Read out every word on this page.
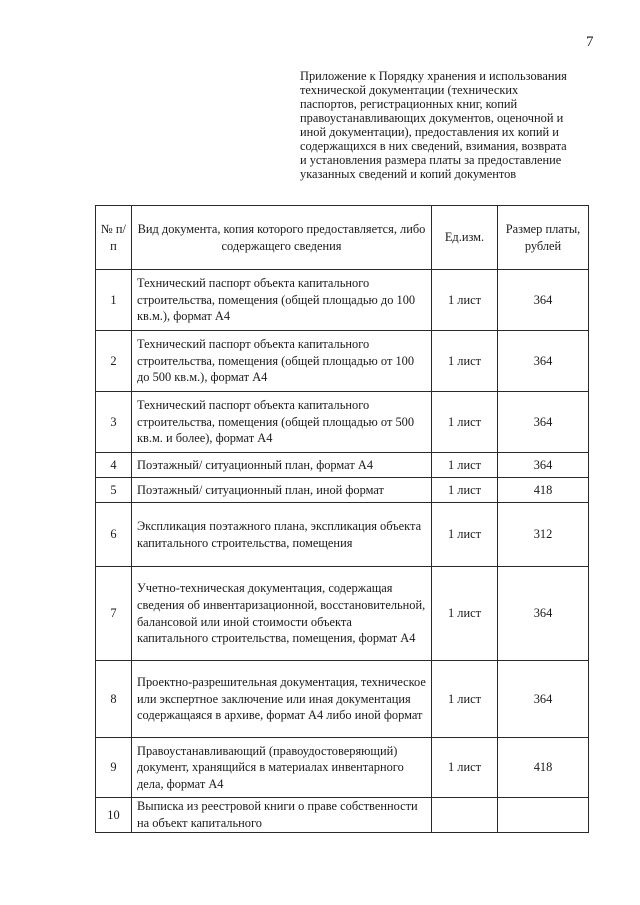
7
Приложение к Порядку хранения и использования
технической документации (технических
паспортов, регистрационных книг, копий
правоустанавливающих документов, оценочной и
иной документации), предоставления их копий и
содержащихся в них сведений, взимания, возврата
и установления размера платы за предоставление
указанных сведений и копий документов
№ п/п	Вид документа, копия которого предоставляется, либо содержащего сведения	Ед.изм.	Размер платы, рублей
1	Технический паспорт объекта капитального строительства, помещения (общей площадью до 100 кв.м.), формат А4	1 лист	364
2	Технический паспорт объекта капитального строительства, помещения (общей площадью от 100 до 500 кв.м.), формат А4	1 лист	364
3	Технический паспорт объекта капитального строительства, помещения (общей площадью от 500 кв.м. и более), формат А4	1 лист	364
4	Поэтажный/ ситуационный план, формат А4	1 лист	364
5	Поэтажный/ ситуационный план, иной формат	1 лист	418
6	Экспликация поэтажного плана, экспликация объекта капитального строительства, помещения	1 лист	312
7	Учетно-техническая документация, содержащая сведения об инвентаризационной, восстановительной, балансовой или иной стоимости объекта капитального строительства, помещения, формат А4	1 лист	364
8	Проектно-разрешительная документация, техническое или экспертное заключение или иная документация содержащаяся в архиве, формат А4 либо иной формат	1 лист	364
9	Правоустанавливающий (правоудостоверяющий) документ, хранящийся в материалах инвентарного дела, формат А4	1 лист	418
10	Выписка из реестровой книги о праве собственности на объект капитального		
